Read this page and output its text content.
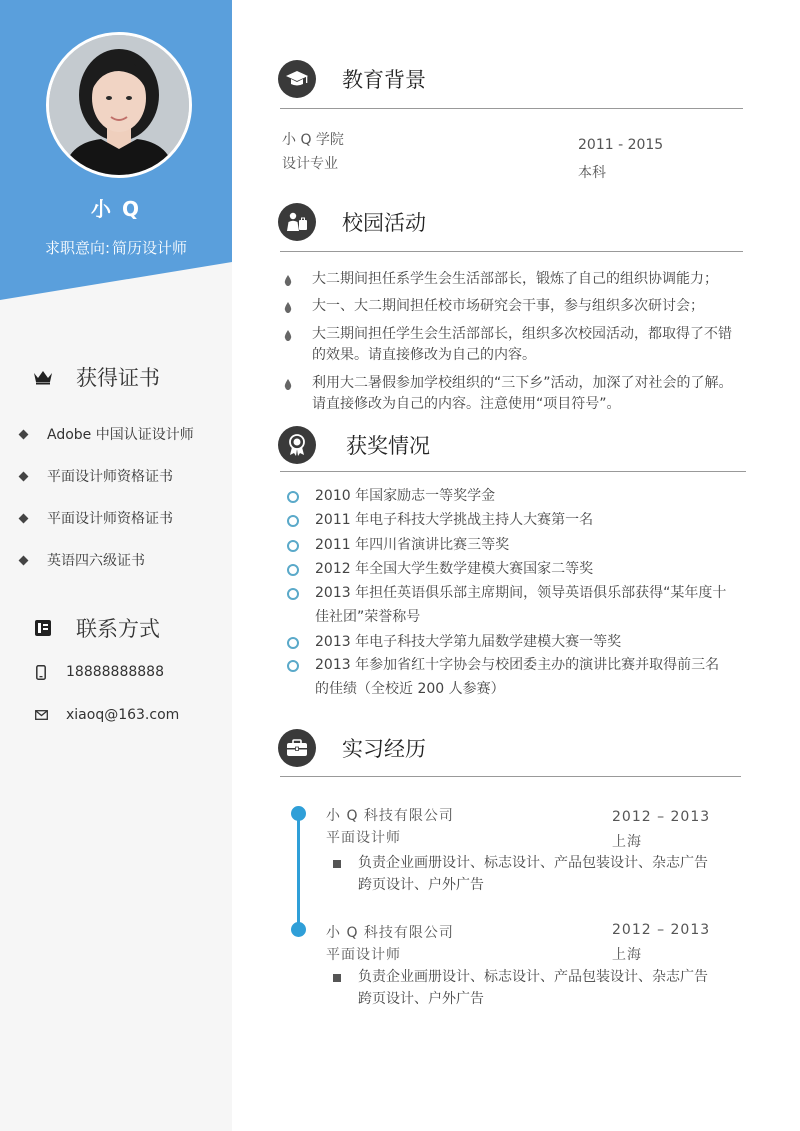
小 Q
求职意向: 简历设计师
获得证书
Adobe 中国认证设计师
平面设计师资格证书
平面设计师资格证书
英语四六级证书
联系方式
18888888888
xiaoq@163.com
教育背景
小 Q 学院
设计专业
2011 - 2015
本科
校园活动
大二期间担任系学生会生活部部长，锻炼了自己的组织协调能力；
大一、大二期间担任校市场研究会干事，参与组织多次研讨会；
大三期间担任学生会生活部部长，组织多次校园活动，都取得了不错的效果。请直接修改为自己的内容。
利用大二暑假参加学校组织的“三下乡”活动，加深了对社会的了解。请直接修改为自己的内容。注意使用“项目符号”。
获奖情况
2010 年国家励志一等奖学金
2011 年电子科技大学挑战主持人大赛第一名
2011 年四川省演讲比赛三等奖
2012 年全国大学生数学建模大赛国家二等奖
2013 年担任英语俱乐部主席期间，领导英语俱乐部获得“某年度十佳社团”荣誉称号
2013 年电子科技大学第九届数学建模大赛一等奖
2013 年参加省红十字协会与校团委主办的演讲比赛并取得前三名的佳绩（全校近 200 人参赛）
实习经历
小 Q 科技有限公司
平面设计师
2012 – 2013
上海
负责企业画册设计、标志设计、产品包装设计、杂志广告跨页设计、户外广告
小 Q 科技有限公司
平面设计师
2012 – 2013
上海
负责企业画册设计、标志设计、产品包装设计、杂志广告跨页设计、户外广告
